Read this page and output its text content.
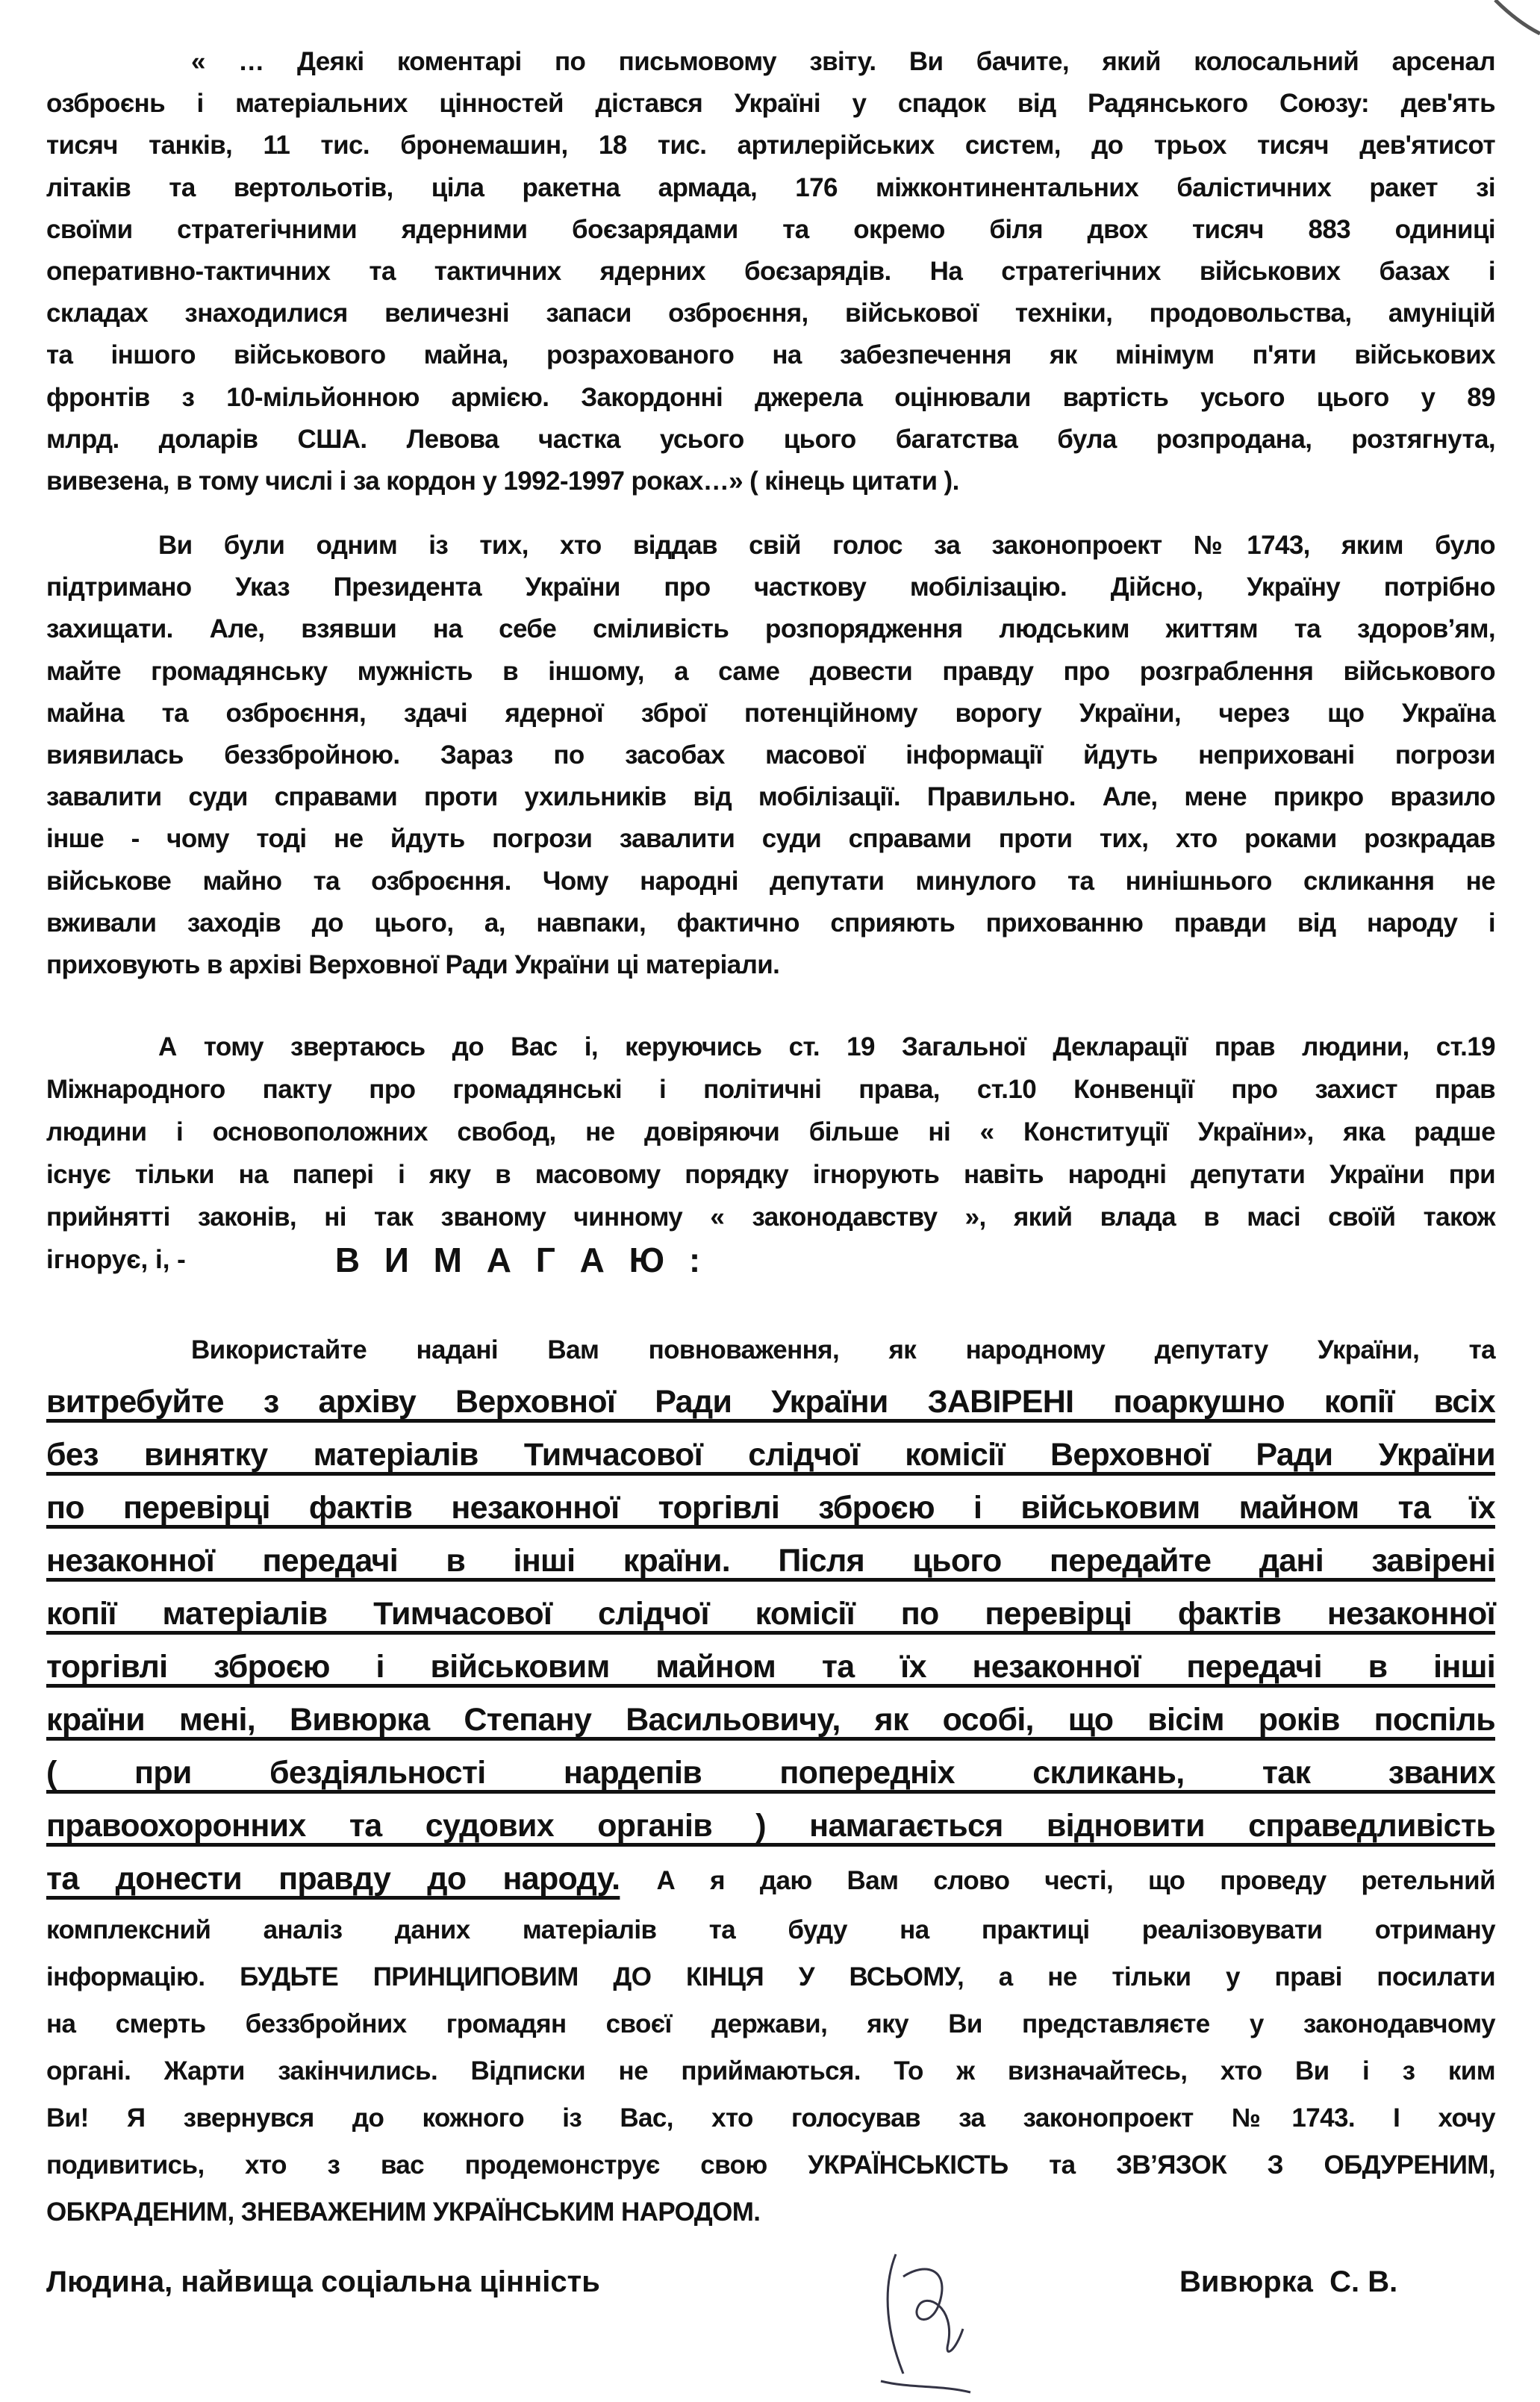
« … Деякі коментарі по письмовому звіту. Ви бачите, який колосальний арсенал
озброєнь і матеріальних цінностей дістався Україні у спадок від Радянського Союзу: дев'ять
тисяч танків, 11 тис. бронемашин, 18 тис. артилерійських систем, до трьох тисяч дев'ятисот
літаків та вертольотів, ціла ракетна армада, 176 міжконтинентальних балістичних ракет зі
своїми стратегічними ядерними боєзарядами та окремо біля двох тисяч 883 одиниці
оперативно-тактичних та тактичних ядерних боєзарядів. На стратегічних військових базах і
складах знаходилися величезні запаси озброєння, військової техніки, продовольства, амуніцій
та іншого військового майна, розрахованого на забезпечення як мінімум п'яти військових
фронтів з 10-мільйонною армією. Закордонні джерела оцінювали вартість усього цього у 89
млрд. доларів США. Левова частка усього цього багатства була розпродана, розтягнута,
вивезена, в тому числі і за кордон у 1992-1997 роках…» ( кінець цитати ).
Ви були одним із тих, хто віддав свій голос за законопроект №1743, яким було
підтримано Указ Президента України про часткову мобілізацію. Дійсно, Україну потрібно
захищати. Але, взявши на себе сміливість розпорядження людським життям та здоров’ям,
майте громадянську мужність в іншому, а саме довести правду про розграблення військового
майна та озброєння, здачі ядерної зброї потенційному ворогу України, через що Україна
виявилась беззбройною. Зараз по засобах масової інформації йдуть неприховані погрози
завалити суди справами проти ухильників від мобілізації. Правильно. Але, мене прикро вразило
інше - чому тоді не йдуть погрози завалити суди справами проти тих, хто роками розкрадав
військове майно та озброєння. Чому народні депутати минулого та нинішнього скликання не
вживали заходів до цього, а, навпаки, фактично сприяють прихованню правди від народу і
приховують в архіві Верховної Ради України ці матеріали.
А тому звертаюсь до Вас і, керуючись ст. 19 Загальної Декларації прав людини, ст.19
Міжнародного пакту про громадянські і політичні права, ст.10 Конвенції про захист прав
людини і основоположних свобод, не довіряючи більше ні « Конституції України», яка радше
існує тільки на папері і яку в масовому порядку ігнорують навіть народні депутати України при
прийнятті законів, ні так званому чинному « законодавству », який влада в масі своїй також
ігнорує, і, -	В И М А Г А Ю :
Використайте надані Вам повноваження, як народному депутату України, та
витребуйте з архіву Верховної Ради України ЗАВІРЕНІ поаркушно копії всіх
без винятку матеріалів Тимчасової слідчої комісії Верховної Ради України
по перевірці фактів незаконної торгівлі зброєю і військовим майном та їх
незаконної передачі в інші країни. Після цього передайте дані завірені
копії матеріалів Тимчасової слідчої комісії по перевірці фактів незаконної
торгівлі зброєю і військовим майном та їх незаконної передачі в інші
країни мені, Вивюрка Степану Васильовичу, як особі, що вісім років поспіль
( при бездіяльності нардепів попередніх скликань, так званих
правоохоронних та судових органів ) намагається відновити справедливість
та донести правду до народу. А я даю Вам слово честі, що проведу ретельний
комплексний аналіз даних матеріалів та буду на практиці реалізовувати отриману
інформацію. БУДЬТЕ ПРИНЦИПОВИМ ДО КІНЦЯ У ВСЬОМУ, а не тільки у праві посилати
на смерть беззбройних громадян своєї держави, яку Ви представляєте у законодавчому
органі. Жарти закінчились. Відписки не приймаються. То ж визначайтесь, хто Ви і з ким
Ви! Я звернувся до кожного із Вас, хто голосував за законопроект №1743. І хочу
подивитись, хто з вас продемонструє свою УКРАЇНСЬКІСТЬ та ЗВ’ЯЗОК З ОБДУРЕНИМ,
ОБКРАДЕНИМ, ЗНЕВАЖЕНИМ УКРАЇНСЬКИМ НАРОДОМ.
Людина, найвища соціальна цінність	Вивюрка  С. В.
